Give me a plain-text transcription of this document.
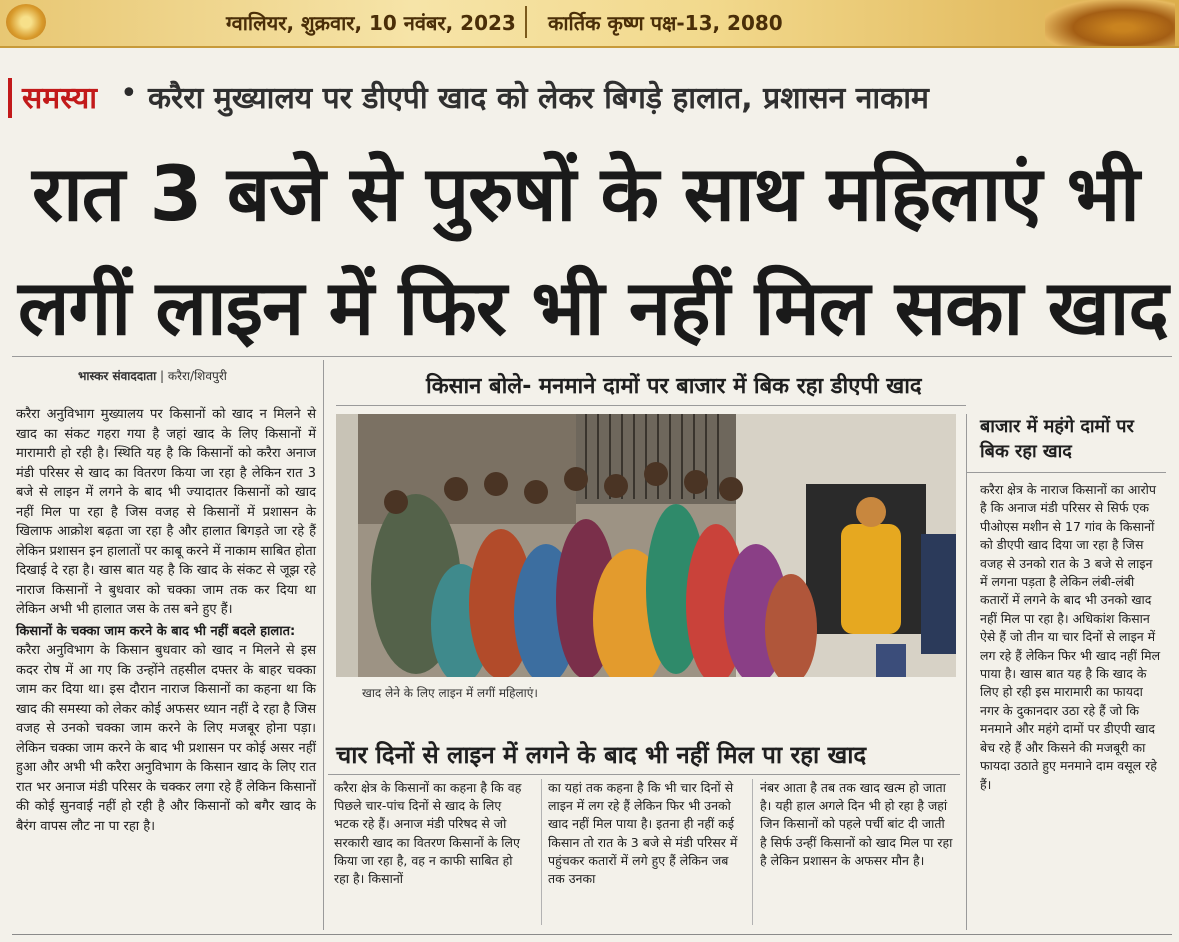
ग्वालियर, शुक्रवार, 10 नवंबर, 2023 कार्तिक कृष्ण पक्ष-13, 2080
समस्या • करैरा मुख्यालय पर डीएपी खाद को लेकर बिगड़े हालात, प्रशासन नाकाम
रात 3 बजे से पुरुषों के साथ महिलाएं भी
लगीं लाइन में फिर भी नहीं मिल सका खाद
भास्कर संवाददाता | करैरा/शिवपुरी

करैरा अनुविभाग मुख्यालय पर किसानों को खाद न मिलने से खाद का संकट गहरा गया है जहां खाद के लिए किसानों में मारामारी हो रही है। स्थिति यह है कि किसानों को करैरा अनाज मंडी परिसर से खाद का वितरण किया जा रहा है लेकिन रात 3 बजे से लाइन में लगने के बाद भी ज्यादातर किसानों को खाद नहीं मिल पा रहा है जिस वजह से किसानों में प्रशासन के खिलाफ आक्रोश बढ़ता जा रहा है और हालात बिगड़ते जा रहे हैं लेकिन प्रशासन इन हालातों पर काबू करने में नाकाम साबित होता दिखाई दे रहा है। खास बात यह है कि खाद के संकट से जूझ रहे नाराज किसानों ने बुधवार को चक्का जाम तक कर दिया था लेकिन अभी भी हालात जस के तस बने हुए हैं।

किसानों के चक्का जाम करने के बाद भी नहीं बदले हालात:

करैरा अनुविभाग के किसान बुधवार को खाद न मिलने से इस कदर रोष में आ गए कि उन्होंने तहसील दफ्तर के बाहर चक्का जाम कर दिया था। इस दौरान नाराज किसानों का कहना था कि खाद की समस्या को लेकर कोई अफसर ध्यान नहीं दे रहा है जिस वजह से उनको चक्का जाम करने के लिए मजबूर होना पड़ा। लेकिन चक्का जाम करने के बाद भी प्रशासन पर कोई असर नहीं हुआ और अभी भी करैरा अनुविभाग के किसान खाद के लिए रात रात भर अनाज मंडी परिसर के चक्कर लगा रहे हैं लेकिन किसानों की कोई सुनवाई नहीं हो रही है और किसानों को बगैर खाद के बैरंग वापस लौट ना पा रहा है।

किसान बोले- मनमाने दामों पर बाजार में बिक रहा डीएपी खाद
खाद लेने के लिए लाइन में लगीं महिलाएं।
बाजार में महंगे दामों पर बिक रहा खाद
करैरा क्षेत्र के नाराज किसानों का आरोप है कि अनाज मंडी परिसर से सिर्फ एक पीओएस मशीन से 17 गांव के किसानों को डीएपी खाद दिया जा रहा है जिस वजह से उनको रात के 3 बजे से लाइन में लगना पड़ता है लेकिन लंबी-लंबी कतारों में लगने के बाद भी उनको खाद नहीं मिल पा रहा है। अधिकांश किसान ऐसे हैं जो तीन या चार दिनों से लाइन में लग रहे हैं लेकिन फिर भी खाद नहीं मिल पाया है। खास बात यह है कि खाद के लिए हो रही इस मारामारी का फायदा नगर के दुकानदार उठा रहे हैं जो कि मनमाने और महंगे दामों पर डीएपी खाद बेच रहे हैं और किसने की मजबूरी का फायदा उठाते हुए मनमाने दाम वसूल रहे हैं।
चार दिनों से लाइन में लगने के बाद भी नहीं मिल पा रहा खाद
करैरा क्षेत्र के किसानों का कहना है कि वह पिछले चार-पांच दिनों से खाद के लिए भटक रहे हैं। अनाज मंडी परिषद से जो सरकारी खाद का वितरण किसानों के लिए किया जा रहा है, वह न काफी साबित हो रहा है। किसानों
का यहां तक कहना है कि भी चार दिनों से लाइन में लग रहे हैं लेकिन फिर भी उनको खाद नहीं मिल पाया है। इतना ही नहीं कई किसान तो रात के 3 बजे से मंडी परिसर में पहुंचकर कतारों में लगे हुए हैं लेकिन जब तक उनका
नंबर आता है तब तक खाद खत्म हो जाता है। यही हाल अगले दिन भी हो रहा है जहां जिन किसानों को पहले पर्ची बांट दी जाती है सिर्फ उन्हीं किसानों को खाद मिल पा रहा है लेकिन प्रशासन के अफसर मौन है।
